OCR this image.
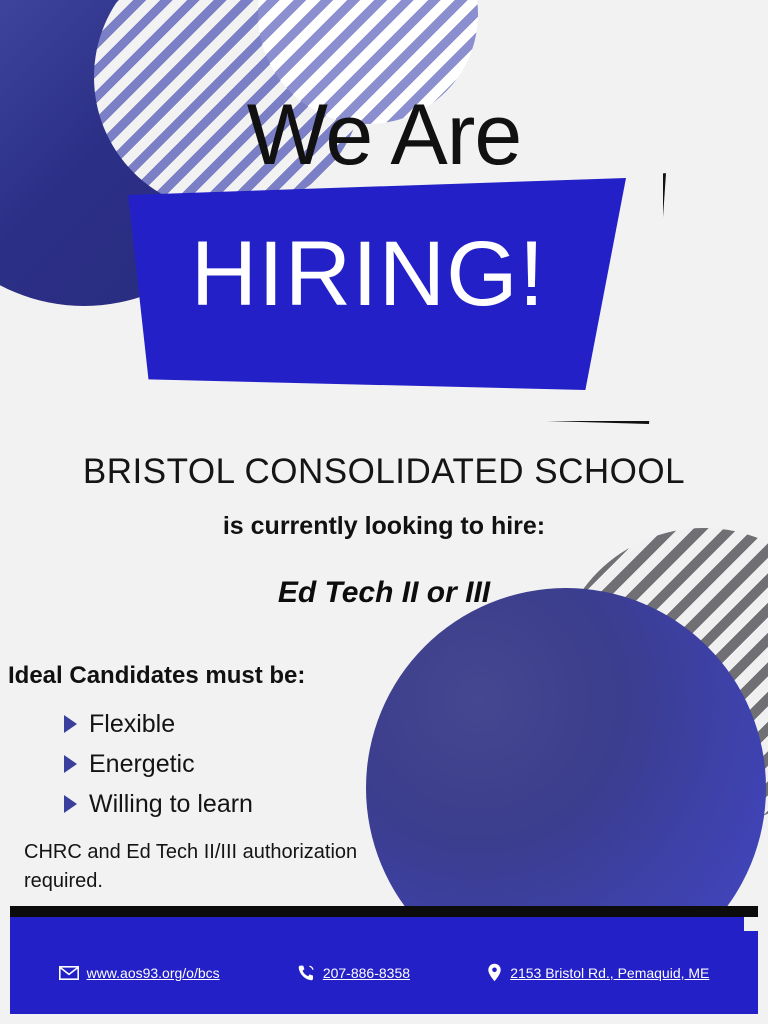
We Are
HIRING!
BRISTOL CONSOLIDATED SCHOOL
is currently looking to hire:
Ed Tech II or III
Ideal Candidates must be:
Flexible
Energetic
Willing to learn
CHRC and Ed Tech II/III authorization required.
www.aos93.org/o/bcs	207-886-8358	2153 Bristol Rd., Pemaquid, ME
